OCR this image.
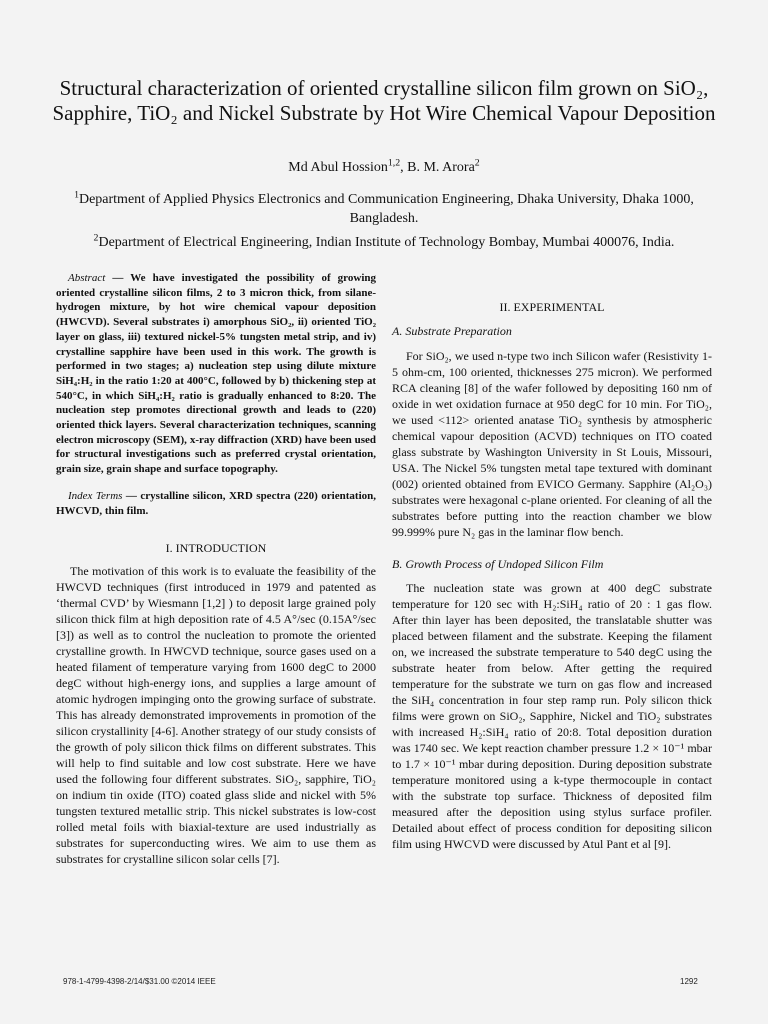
Structural characterization of oriented crystalline silicon film grown on SiO₂, Sapphire, TiO₂ and Nickel Substrate by Hot Wire Chemical Vapour Deposition
Md Abul Hossion$^{1,2}$, B. M. Arora$^2$
$^1$Department of Applied Physics Electronics and Communication Engineering, Dhaka University, Dhaka 1000, Bangladesh.
$^2$Department of Electrical Engineering, Indian Institute of Technology Bombay, Mumbai 400076, India.
Abstract — We have investigated the possibility of growing oriented crystalline silicon films, 2 to 3 micron thick, from silane-hydrogen mixture, by hot wire chemical vapour deposition (HWCVD). Several substrates i) amorphous SiO₂, ii) oriented TiO₂ layer on glass, iii) textured nickel-5% tungsten metal strip, and iv) crystalline sapphire have been used in this work. The growth is performed in two stages; a) nucleation step using dilute mixture SiH₄:H₂ in the ratio 1:20 at 400°C, followed by b) thickening step at 540°C, in which SiH₄:H₂ ratio is gradually enhanced to 8:20. The nucleation step promotes directional growth and leads to (220) oriented thick layers. Several characterization techniques, scanning electron microscopy (SEM), x-ray diffraction (XRD) have been used for structural investigations such as preferred crystal orientation, grain size, grain shape and surface topography.
Index Terms — crystalline silicon, XRD spectra (220) orientation, HWCVD, thin film.
I. INTRODUCTION
The motivation of this work is to evaluate the feasibility of the HWCVD techniques (first introduced in 1979 and patented as ‘thermal CVD’ by Wiesmann [1,2] ) to deposit large grained poly silicon thick film at high deposition rate of 4.5 A°/sec (0.15A°/sec [3]) as well as to control the nucleation to promote the oriented crystalline growth. In HWCVD technique, source gases used on a heated filament of temperature varying from 1600 degC to 2000 degC without high-energy ions, and supplies a large amount of atomic hydrogen impinging onto the growing surface of substrate. This has already demonstrated improvements in promotion of the silicon crystallinity [4-6]. Another strategy of our study consists of the growth of poly silicon thick films on different substrates. This will help to find suitable and low cost substrate. Here we have used the following four different substrates. SiO₂, sapphire, TiO₂ on indium tin oxide (ITO) coated glass slide and nickel with 5% tungsten textured metallic strip. This nickel substrates is low-cost rolled metal foils with biaxial-texture are used industrially as substrates for superconducting wires. We aim to use them as substrates for crystalline silicon solar cells [7].
II. EXPERIMENTAL
A. Substrate Preparation
For SiO₂, we used n-type two inch Silicon wafer (Resistivity 1-5 ohm-cm, 100 oriented, thicknesses 275 micron). We performed RCA cleaning [8] of the wafer followed by depositing 160 nm of oxide in wet oxidation furnace at 950 degC for 10 min. For TiO₂, we used <112> oriented anatase TiO₂ synthesis by atmospheric chemical vapour deposition (ACVD) techniques on ITO coated glass substrate by Washington University in St Louis, Missouri, USA. The Nickel 5% tungsten metal tape textured with dominant (002) oriented obtained from EVICO Germany. Sapphire (Al₂O₃) substrates were hexagonal c-plane oriented. For cleaning of all the substrates before putting into the reaction chamber we blow 99.999% pure N₂ gas in the laminar flow bench.
B. Growth Process of Undoped Silicon Film
The nucleation state was grown at 400 degC substrate temperature for 120 sec with H₂:SiH₄ ratio of 20 : 1 gas flow. After thin layer has been deposited, the translatable shutter was placed between filament and the substrate. Keeping the filament on, we increased the substrate temperature to 540 degC using the substrate heater from below. After getting the required temperature for the substrate we turn on gas flow and increased the SiH₄ concentration in four step ramp run. Poly silicon thick films were grown on SiO₂, Sapphire, Nickel and TiO₂ substrates with increased H₂:SiH₄ ratio of 20:8. Total deposition duration was 1740 sec. We kept reaction chamber pressure 1.2 × 10⁻¹ mbar to 1.7 × 10⁻¹ mbar during deposition. During deposition substrate temperature monitored using a k-type thermocouple in contact with the substrate top surface. Thickness of deposited film measured after the deposition using stylus surface profiler. Detailed about effect of process condition for depositing silicon film using HWCVD were discussed by Atul Pant et al [9].
978-1-4799-4398-2/14/$31.00 ©2014 IEEE	1292
